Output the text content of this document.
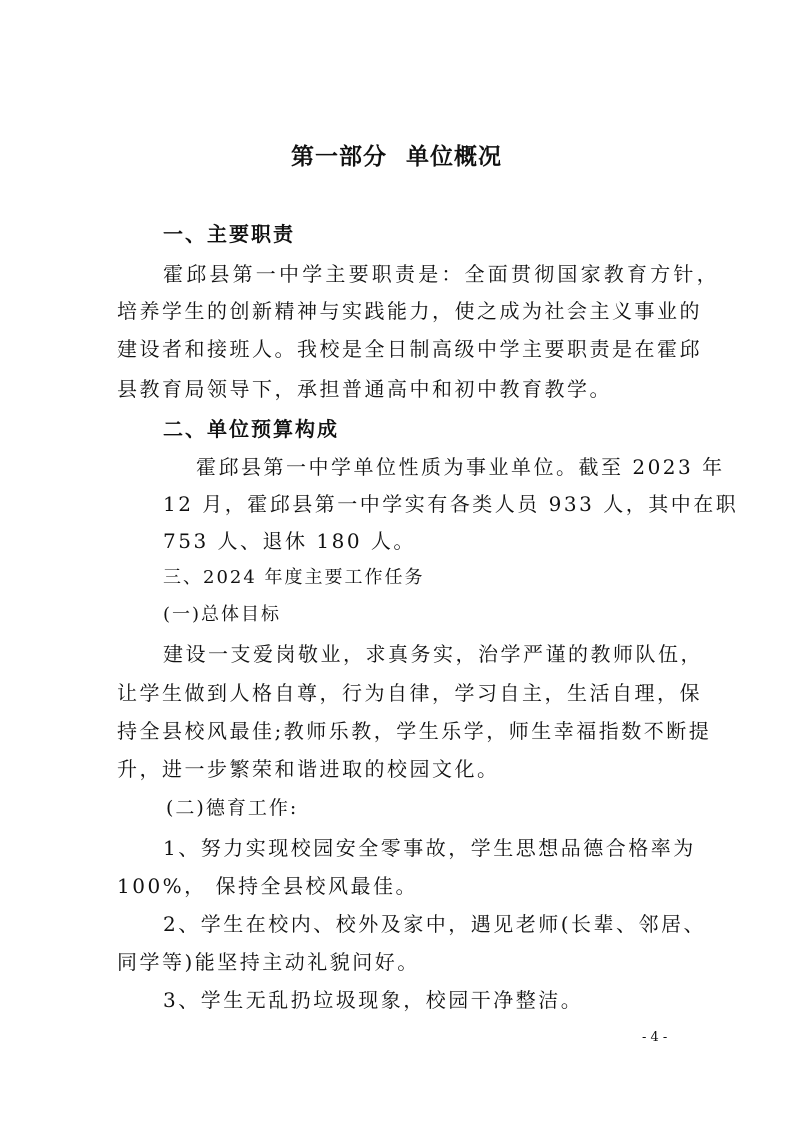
第一部分 单位概况
一、主要职责
霍邱县第一中学主要职责是：全面贯彻国家教育方针，
培养学生的创新精神与实践能力，使之成为社会主义事业的
建设者和接班人。我校是全日制高级中学主要职责是在霍邱
县教育局领导下，承担普通高中和初中教育教学。
二、单位预算构成
霍邱县第一中学单位性质为事业单位。截至 2023 年
12 月，霍邱县第一中学实有各类人员 933 人，其中在职
753 人、退休 180 人。
三、2024 年度主要工作任务
(一)总体目标
建设一支爱岗敬业，求真务实，治学严谨的教师队伍，
让学生做到人格自尊，行为自律，学习自主，生活自理，保
持全县校风最佳;教师乐教，学生乐学，师生幸福指数不断提
升，进一步繁荣和谐进取的校园文化。
(二)德育工作:
1、努力实现校园安全零事故，学生思想品德合格率为
100%， 保持全县校风最佳。
2、学生在校内、校外及家中，遇见老师(长辈、邻居、
同学等)能坚持主动礼貌问好。
3、学生无乱扔垃圾现象，校园干净整洁。
- 4 -
